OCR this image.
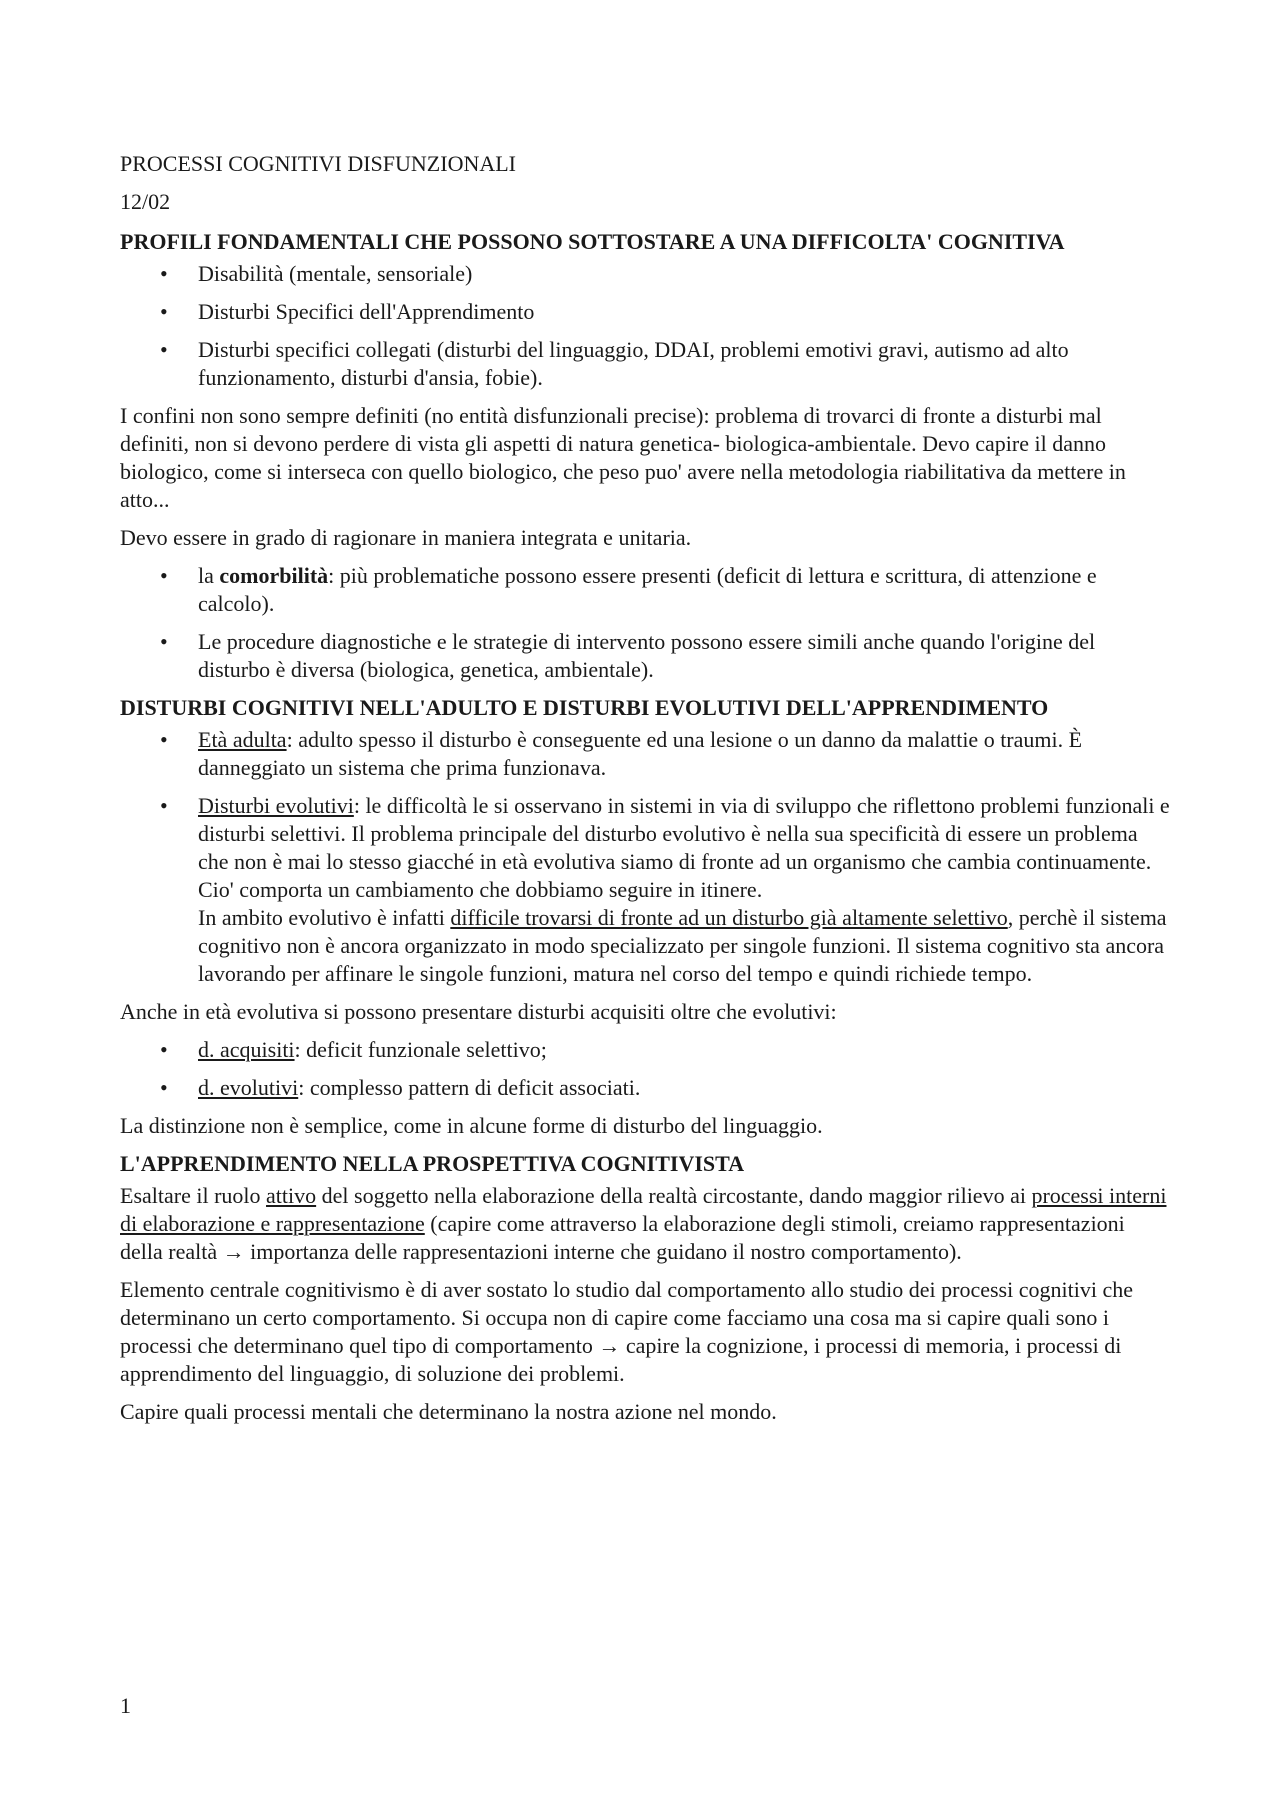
PROCESSI COGNITIVI DISFUNZIONALI

12/02

PROFILI FONDAMENTALI CHE POSSONO SOTTOSTARE A UNA DIFFICOLTA' COGNITIVA
• Disabilità (mentale, sensoriale)
• Disturbi Specifici dell'Apprendimento
• Disturbi specifici collegati (disturbi del linguaggio, DDAI, problemi emotivi gravi, autismo ad alto funzionamento, disturbi d'ansia, fobie).

I confini non sono sempre definiti (no entità disfunzionali precise): problema di trovarci di fronte a disturbi mal definiti, non si devono perdere di vista gli aspetti di natura genetica- biologica-ambientale. Devo capire il danno biologico, come si interseca con quello biologico, che peso puo' avere nella metodologia riabilitativa da mettere in atto...

Devo essere in grado di ragionare in maniera integrata e unitaria.

• la comorbilità: più problematiche possono essere presenti (deficit di lettura e scrittura, di attenzione e calcolo).
• Le procedure diagnostiche e le strategie di intervento possono essere simili anche quando l'origine del disturbo è diversa (biologica, genetica, ambientale).
DISTURBI COGNITIVI NELL'ADULTO E DISTURBI EVOLUTIVI DELL'APPRENDIMENTO
• Età adulta: adulto spesso il disturbo è conseguente ed una lesione o un danno da malattie o traumi. È danneggiato un sistema che prima funzionava.
• Disturbi evolutivi: le difficoltà le si osservano in sistemi in via di sviluppo che riflettono problemi funzionali e disturbi selettivi. Il problema principale del disturbo evolutivo è nella sua specificità di essere un problema che non è mai lo stesso giacché in età evolutiva siamo di fronte ad un organismo che cambia continuamente. Cio' comporta un cambiamento che dobbiamo seguire in itinere.
In ambito evolutivo è infatti difficile trovarsi di fronte ad un disturbo già altamente selettivo, perchè il sistema cognitivo non è ancora organizzato in modo specializzato per singole funzioni. Il sistema cognitivo sta ancora lavorando per affinare le singole funzioni, matura nel corso del tempo e quindi richiede tempo.

Anche in età evolutiva si possono presentare disturbi acquisiti oltre che evolutivi:

• d. acquisiti: deficit funzionale selettivo;
• d. evolutivi: complesso pattern di deficit associati.

La distinzione non è semplice, come in alcune forme di disturbo del linguaggio.

L'APPRENDIMENTO NELLA PROSPETTIVA COGNITIVISTA

Esaltare il ruolo attivo del soggetto nella elaborazione della realtà circostante, dando maggior rilievo ai processi interni di elaborazione e rappresentazione (capire come attraverso la elaborazione degli stimoli, creiamo rappresentazioni della realtà → importanza delle rappresentazioni interne che guidano il nostro comportamento).

Elemento centrale cognitivismo è di aver sostato lo studio dal comportamento allo studio dei processi cognitivi che determinano un certo comportamento. Si occupa non di capire come facciamo una cosa ma si capire quali sono i processi che determinano quel tipo di comportamento → capire la cognizione, i processi di memoria, i processi di apprendimento del linguaggio, di soluzione dei problemi.

Capire quali processi mentali che determinano la nostra azione nel mondo.

1
